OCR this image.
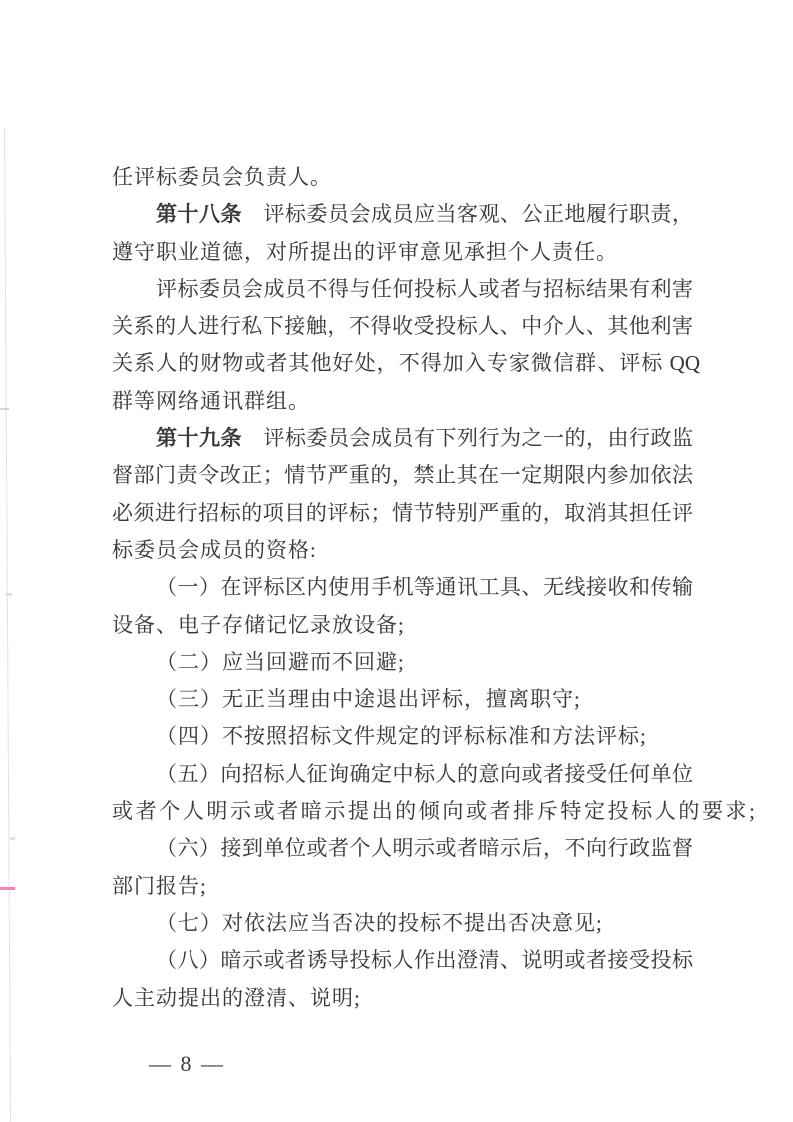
任评标委员会负责人。
第十八条　评标委员会成员应当客观、公正地履行职责，
遵守职业道德，对所提出的评审意见承担个人责任。
评标委员会成员不得与任何投标人或者与招标结果有利害
关系的人进行私下接触，不得收受投标人、中介人、其他利害
关系人的财物或者其他好处，不得加入专家微信群、评标 QQ
群等网络通讯群组。
第十九条　评标委员会成员有下列行为之一的，由行政监
督部门责令改正；情节严重的，禁止其在一定期限内参加依法
必须进行招标的项目的评标；情节特别严重的，取消其担任评
标委员会成员的资格:
（一）在评标区内使用手机等通讯工具、无线接收和传输
设备、电子存储记忆录放设备;
（二）应当回避而不回避;
（三）无正当理由中途退出评标，擅离职守;
（四）不按照招标文件规定的评标标准和方法评标;
（五）向招标人征询确定中标人的意向或者接受任何单位
或者个人明示或者暗示提出的倾向或者排斥特定投标人的要求;
（六）接到单位或者个人明示或者暗示后，不向行政监督
部门报告;
（七）对依法应当否决的投标不提出否决意见;
（八）暗示或者诱导投标人作出澄清、说明或者接受投标
人主动提出的澄清、说明;
— 8 —
